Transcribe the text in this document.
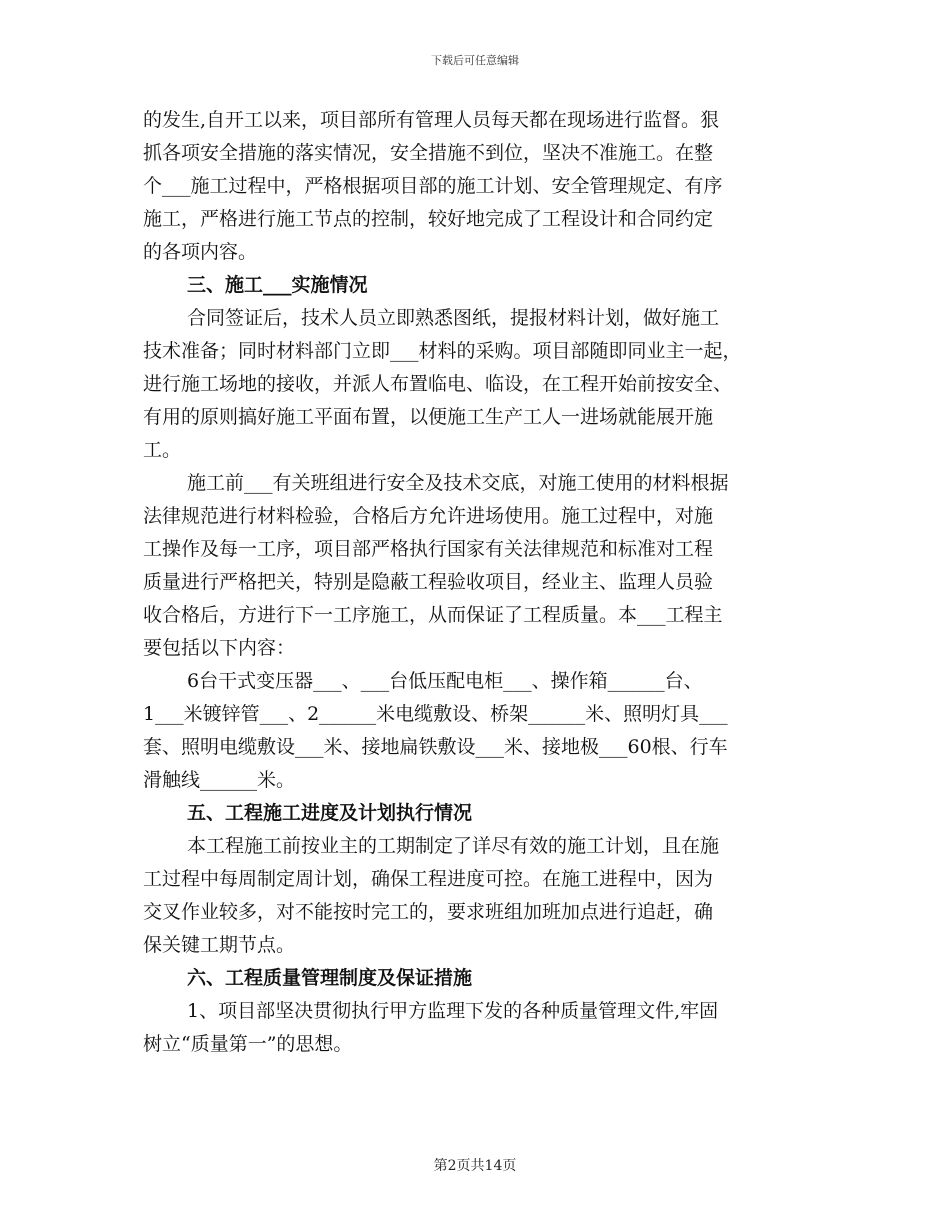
下载后可任意编辑
的发生,自开工以来，项目部所有管理人员每天都在现场进行监督。狠
抓各项安全措施的落实情况，安全措施不到位，坚决不准施工。在整
个___施工过程中，严格根据项目部的施工计划、安全管理规定、有序
施工，严格进行施工节点的控制，较好地完成了工程设计和合同约定
的各项内容。
三、施工___实施情况
合同签证后，技术人员立即熟悉图纸，提报材料计划，做好施工
技术准备；同时材料部门立即___材料的采购。项目部随即同业主一起，
进行施工场地的接收，并派人布置临电、临设，在工程开始前按安全、
有用的原则搞好施工平面布置，以便施工生产工人一进场就能展开施
工。
施工前___有关班组进行安全及技术交底，对施工使用的材料根据
法律规范进行材料检验，合格后方允许进场使用。施工过程中，对施
工操作及每一工序，项目部严格执行国家有关法律规范和标准对工程
质量进行严格把关，特别是隐蔽工程验收项目，经业主、监理人员验
收合格后，方进行下一工序施工，从而保证了工程质量。本___工程主
要包括以下内容：
6台干式变压器___、___台低压配电柜___、操作箱______台、
1___米镀锌管___、2______米电缆敷设、桥架______米、照明灯具___
套、照明电缆敷设___米、接地扁铁敷设___米、接地极___60根、行车
滑触线______米。
五、工程施工进度及计划执行情况
本工程施工前按业主的工期制定了详尽有效的施工计划，且在施
工过程中每周制定周计划，确保工程进度可控。在施工进程中，因为
交叉作业较多，对不能按时完工的，要求班组加班加点进行追赶，确
保关键工期节点。
六、工程质量管理制度及保证措施
1、项目部坚决贯彻执行甲方监理下发的各种质量管理文件,牢固
树立“质量第一”的思想。
第2页共14页
